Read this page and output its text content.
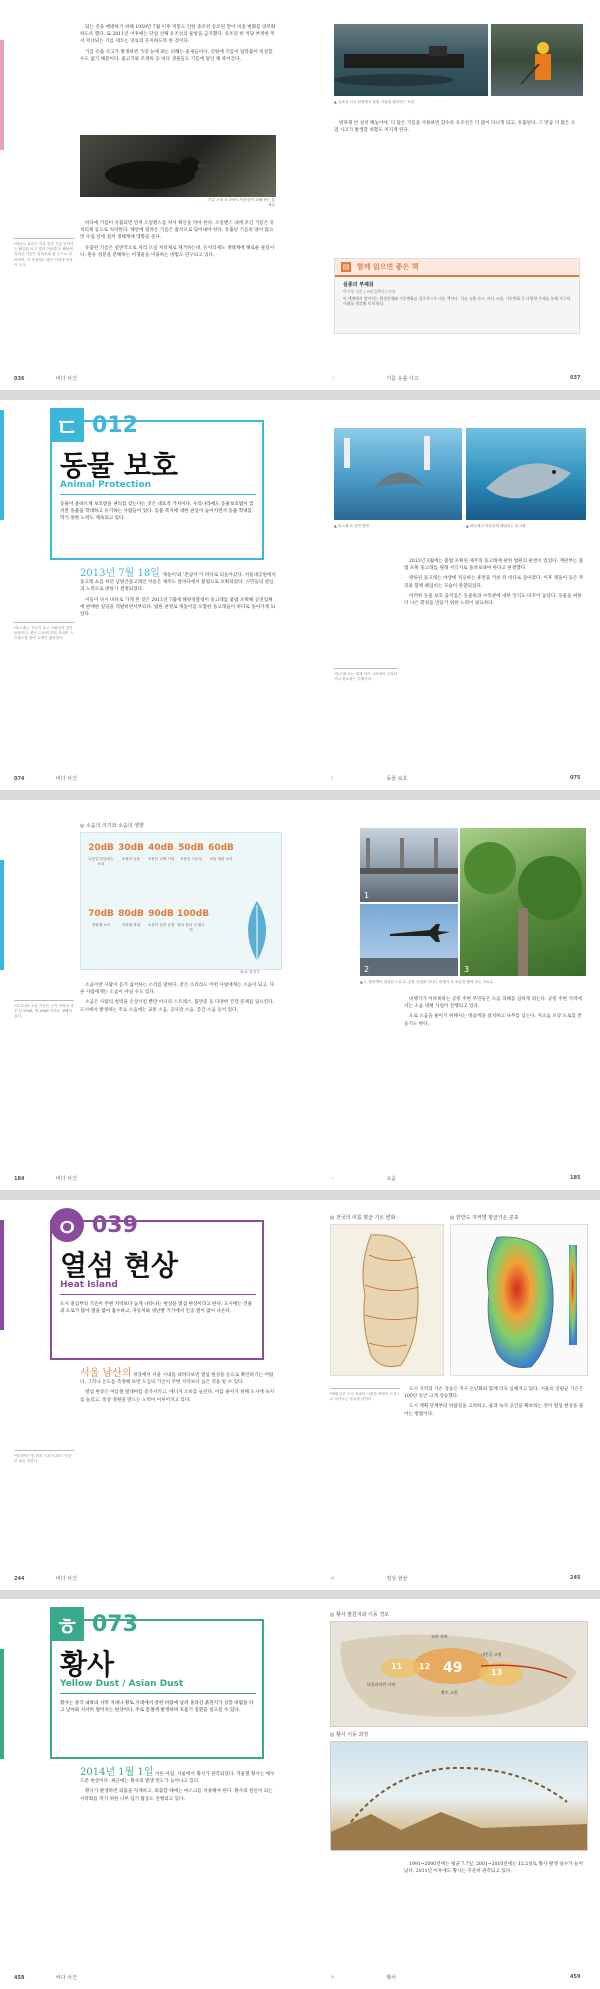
되는 것을 예방하기 위해 1959년 7월 이후 저밀도 인한 충조된 동조된 만이 비중 변화를 의무화하도록 했다. 또 2011년 이후에는 단일 선체 유조선의 운항을 금지했다. 유조된 한 척당 부정한 무서 저녀되는 기름 네트는 연료의 유지하도록 한 것이다.

기름 유출 사고가 발생하면 가장 눈에 띄는 피해는 물새들이다. 깃털에 기름이 달라붙어 비상할 수도 없기 때문이다. 물고기와 조개류 등 바다 생물들도 기름에 덮인 채 죽어간다.

기름 오염 사고에서 가장 많이 피해 받는 물새들
*바다로 흘러든 석유 일부 기름 덩어리는 해류를 타고 멀리 이동한다. 해안에 밀려온 기름은 흡착포와 삽 등으로 처리하며, 이 작업에는 많은 인력과 비용이 든다.

바다에 기름이 유출되면 먼저 오일펜스를 쳐서 확산을 막아 한다. 오일펜스 내에 모인 기름은 유처리제 등으로 처리한다. 해안에 밀려온 기름은 흡착포로 닦아내야 한다. 유출된 기름의 양이 많으면 수십 년에 걸쳐 생태계에 영향을 준다.

유출된 기름은 일반적으로 처리 오일 처리제로 제거하는데, 유처리제도 생태계에 해로운 물질이다. 원유 성분을 분해하는 미생물을 이용하는 방법도 연구되고 있다.

036	바다 사건
▲ 유조선 사고 현장에서 유출 기름을 제거하는 모습

방파제 안 설치 해놓아야, 더 많은 기름을 사용하면 할수록 유조선은 더 많이 다니게 되고, 유출된다. 그 만큼 더 많은 오염 사고가 발생할 위험도 커지게 된다.

▤ 함께 읽으면 좋은 책
실종의 부제目
박기영 지음 | 씨앗을뿌리는사람
이 세계에서 벌어지는 환경문제와 기후변화를 집중적으로 다룬 책이다. 석유 유출 사고, 바다 오염, 기후변화 등 다양한 주제를 통해 지구의 미래를 생각해 보게 한다.
ㄱ	기름 유출 사고	037
ㄷ 012
동물 보호
Animal Protection
동물이 올바르게 보호받을 권리를 갖는다는 것은 대표적 가치이다. 우리나라에도 동물보호법이 있지만 동물을 학대하고 유기하는 사람들이 있다. 동물 복지에 대한 관심이 높아지면서 동물 학대를 막기 위한 노력도 계속되고 있다.
*돌고래는 지능이 높고 사회성이 강한 동물이다. 좁은 수조에 갇혀 지내면 스트레스를 받아 수명이 짧아진다.

2013년 7월 18일 '제돌이'와 '춘삼이'가 바다로 되돌아갔다. 서울대공원에서 돌고래 쇼를 하던 남방큰돌고래인 이들은 제주도 앞바다에서 불법으로 포획되었다. 시민들의 관심과 노력으로 방류가 결정되었다.

이들이 다시 바다로 가게 된 것은 2011년 7월에 해양경찰청이 돌고래를 불법 포획해 공연업체에 판매한 일당을 적발하면서부터다. 법원 판결로 제돌이를 포함한 돌고래들이 바다로 돌아가게 되었다.

074	바다 사건
▲ 돌고래 쇼 공연 장면	▲ 바다에서 자유롭게 헤엄치는 돌고래

2013년 3월에는 불법 포획된 제주의 돌고래에 관한 법원의 판결이 있었다. 재판부는 불법 포획 돌고래를 원래 서식지로 돌려보내야 한다고 판결했다.

방류된 돌고래는 야생에 적응하는 훈련을 거친 뒤 바다로 돌아갔다. 이후 제돌이 등은 무리와 함께 헤엄치는 모습이 관찰되었다.

이러한 동물 보호 움직임은 동물원과 수족관에 대한 인식도 바꾸어 놓았다. 동물을 위한 더 나은 환경을 만들기 위한 노력이 필요하다.

*돌고래 쇼는 세계 여러 나라에서 금지되거나 축소되는 추세이다.
ㄷ	동물 보호	075
◎ 소음의 크기와 소음의 영향
20dB
나뭇잎 부딪치는 소리
30dB
조용한 농촌
40dB
조용한 주택 거실
50dB
조용한 사무실
60dB
보통 대화 소리
70dB
전화벨 소리
80dB
지하철 차내
90dB
소음이 심한 공장
100dB
열차 통과 시 철도변
출처: 환경부
*우리나라 소음 기준은 주거 지역의 경우 낮 55dB, 밤 45dB 이하로 정해져 있다.

소음이란 사람이 듣기 싫어하는 소리를 말한다. 같은 소리라도 어떤 사람에게는 소음이 되고, 다른 사람에게는 소음이 아닐 수도 있다.

소음은 사람의 청력을 손상시킬 뿐만 아니라 스트레스, 불면증 등 다양한 건강 문제를 일으킨다. 도시에서 발생하는 주요 소음에는 교통 소음, 공사장 소음, 층간 소음 등이 있다.

184	바다 사건
1
3
2
▲ 1. 방음벽이 설치된 도로 2. 공항 주변을 지나는 비행기 3. 소음을 줄여 주는 가로수

비행기가 이착륙하는 공항 주변 주민들은 소음 피해를 심하게 겪는다. 공항 주변 지역에서는 소음 대책 사업이 진행되고 있다.

도로 소음을 줄이기 위해서는 방음벽을 설치하고 나무를 심는다. 저소음 포장 도로를 만들기도 한다.

ㅅ	소음	185
ㅇ 039
열섬 현상
Heat Island
도시 중심부의 기온이 주변 지역보다 높게 나타나는 현상을 열섬 현상이라고 한다. 도시에는 건물과 도로가 많아 열을 많이 흡수하고, 자동차와 냉난방 기기에서 인공 열이 많이 나온다.
*열대야는 밤 최저 기온이 25도 이상인 날을 말한다.

서울 남산의 정상에서 서울 시내를 내려다보면 열섬 현상을 눈으로 확인하기는 어렵다. 그러나 온도를 측정해 보면 도심의 기온이 주변 지역보다 높은 것을 알 수 있다.

열섬 현상은 여름철 열대야를 증가시키고, 에너지 소비를 늘린다. 이를 줄이기 위해 도시에 녹지를 늘리고, 옥상 정원을 만드는 노력이 이루어지고 있다.

244	바다 사건
◎ 전국의 여름 평균 기온 변화	◎ 한반도 지역별 평균기온 분포
*바람길은 도시 외곽의 시원한 바람이 도심으로 들어오는 통로를 말한다.

도시 지역의 기온 상승은 지구 온난화와 함께 더욱 심해지고 있다. 서울의 연평균 기온은 100년 동안 크게 상승했다.

도시 계획 단계부터 바람길을 고려하고, 물과 녹지 공간을 확보하는 것이 열섬 현상을 줄이는 방법이다.

ㅇ	열섬 현상	245
ㅎ 073
황사
Yellow Dust / Asian Dust
황사는 중국 내륙의 사막 지대나 황토 지대에서 강한 바람에 날려 올라간 흙먼지가 상층 바람을 타고 날아와 서서히 떨어지는 현상이다. 주로 봄철에 발생하며 호흡기 질환을 일으킬 수 있다.

2014년 1월 1일 이른 아침, 서울에서 황사가 관측되었다. 겨울철 황사는 매우 드문 현상이다. 최근에는 황사의 발생 빈도가 늘어나고 있다.

황사가 발생하면 외출을 자제하고, 외출할 때에는 마스크를 착용해야 한다. 황사의 원인이 되는 사막화를 막기 위한 나무 심기 활동도 진행되고 있다.

458	바다 사건
◎ 황사 발원지와 이동 경로
고비 사막
내몽골 고원
황토 고원
타클라마칸 사막
49	13
12
11
◎ 황사 이동 과정

1991~2000년에는 평균 7.7일, 2001~2010년에는 12.2일로 황사 발생 일수가 늘어났다. 2011년 이후에도 황사는 꾸준히 관측되고 있다.

ㅎ	황사	459
